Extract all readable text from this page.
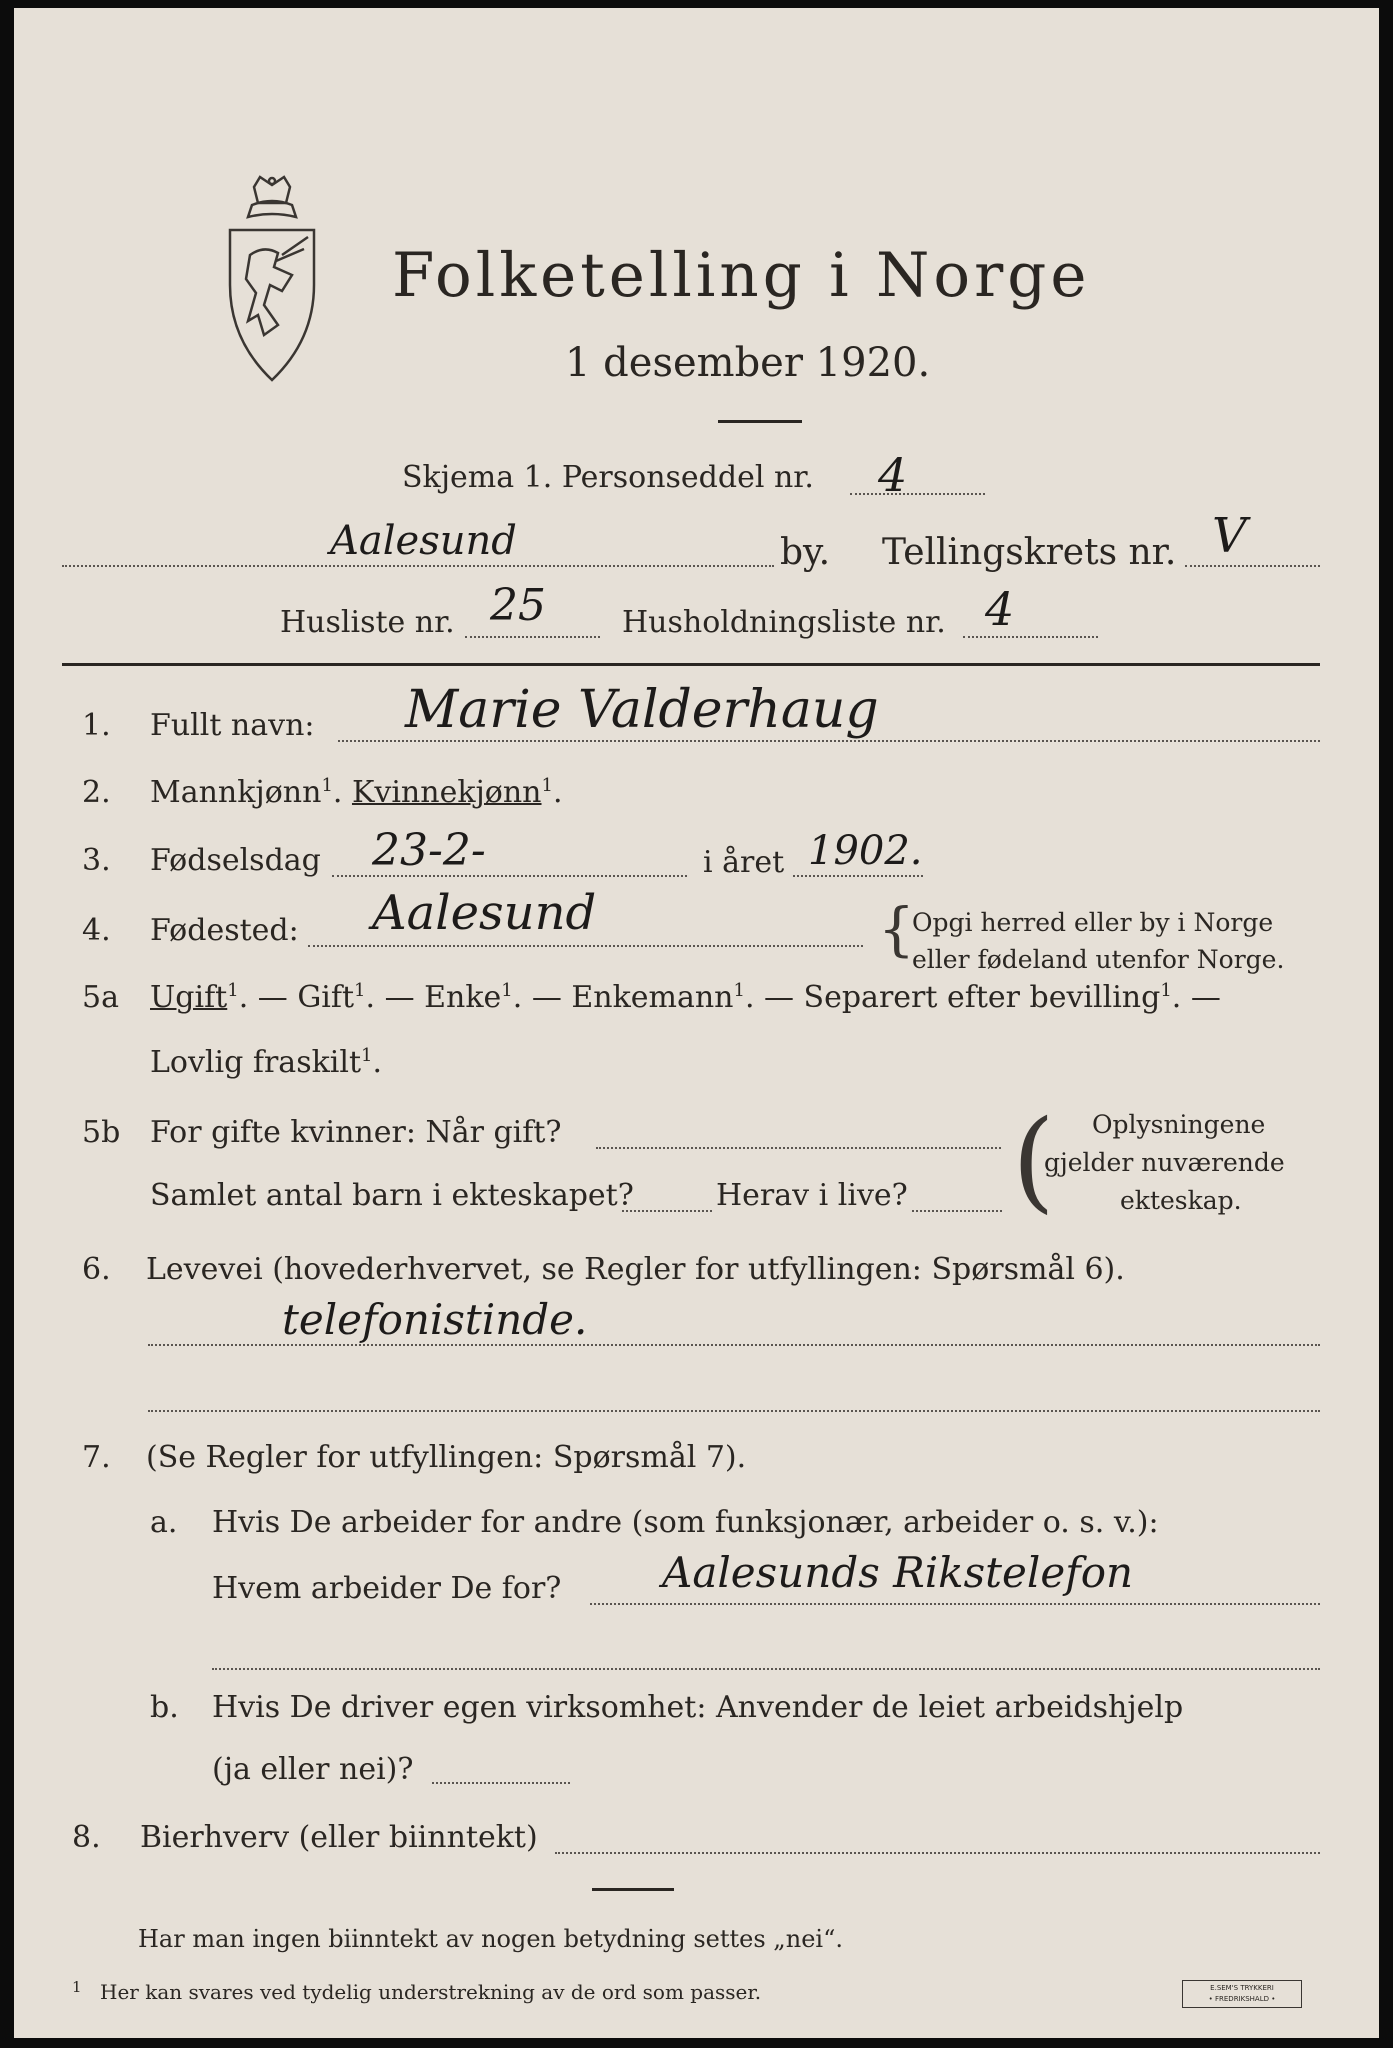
Folketelling i Norge
1 desember 1920.
Skjema 1. Personseddel nr. 4
Aalesund	by. Tellingskrets nr. V
Husliste nr. 25	Husholdningsliste nr. 4
1. Fullt navn: Marie Valderhaug
2. Mannkjønn$^1$. Kvinnekjønn$^1$.
3. Fødselsdag 23-2-	i året 1902.
4. Fødested: Aalesund	{
Opgi herred eller by i Norge
eller fødeland utenfor Norge.
5a Ugift$^1$. — Gift$^1$. — Enke$^1$. — Enkemann$^1$. — Separert efter bevilling$^1$. —
Lovlig fraskilt$^1$.
5b For gifte kvinner: Når gift?
Samlet antal barn i ekteskapet?	Herav i live? ( Oplysningene
gjelder nuværende
ekteskap.
6. Levevei (hovederhvervet, se Regler for utfyllingen: Spørsmål 6).
telefonistinde.
7. (Se Regler for utfyllingen: Spørsmål 7).
a. Hvis De arbeider for andre (som funksjonær, arbeider o. s. v.):
Hvem arbeider De for? Aalesunds Rikstelefon
b. Hvis De driver egen virksomhet: Anvender de leiet arbeidshjelp
(ja eller nei)?
8. Bierhverv (eller biinntekt)
Har man ingen biinntekt av nogen betydning settes „nei“.
1 Her kan svares ved tydelig understrekning av de ord som passer.	E.SEM'S TRYKKERI
• FREDRIKSHALD •
